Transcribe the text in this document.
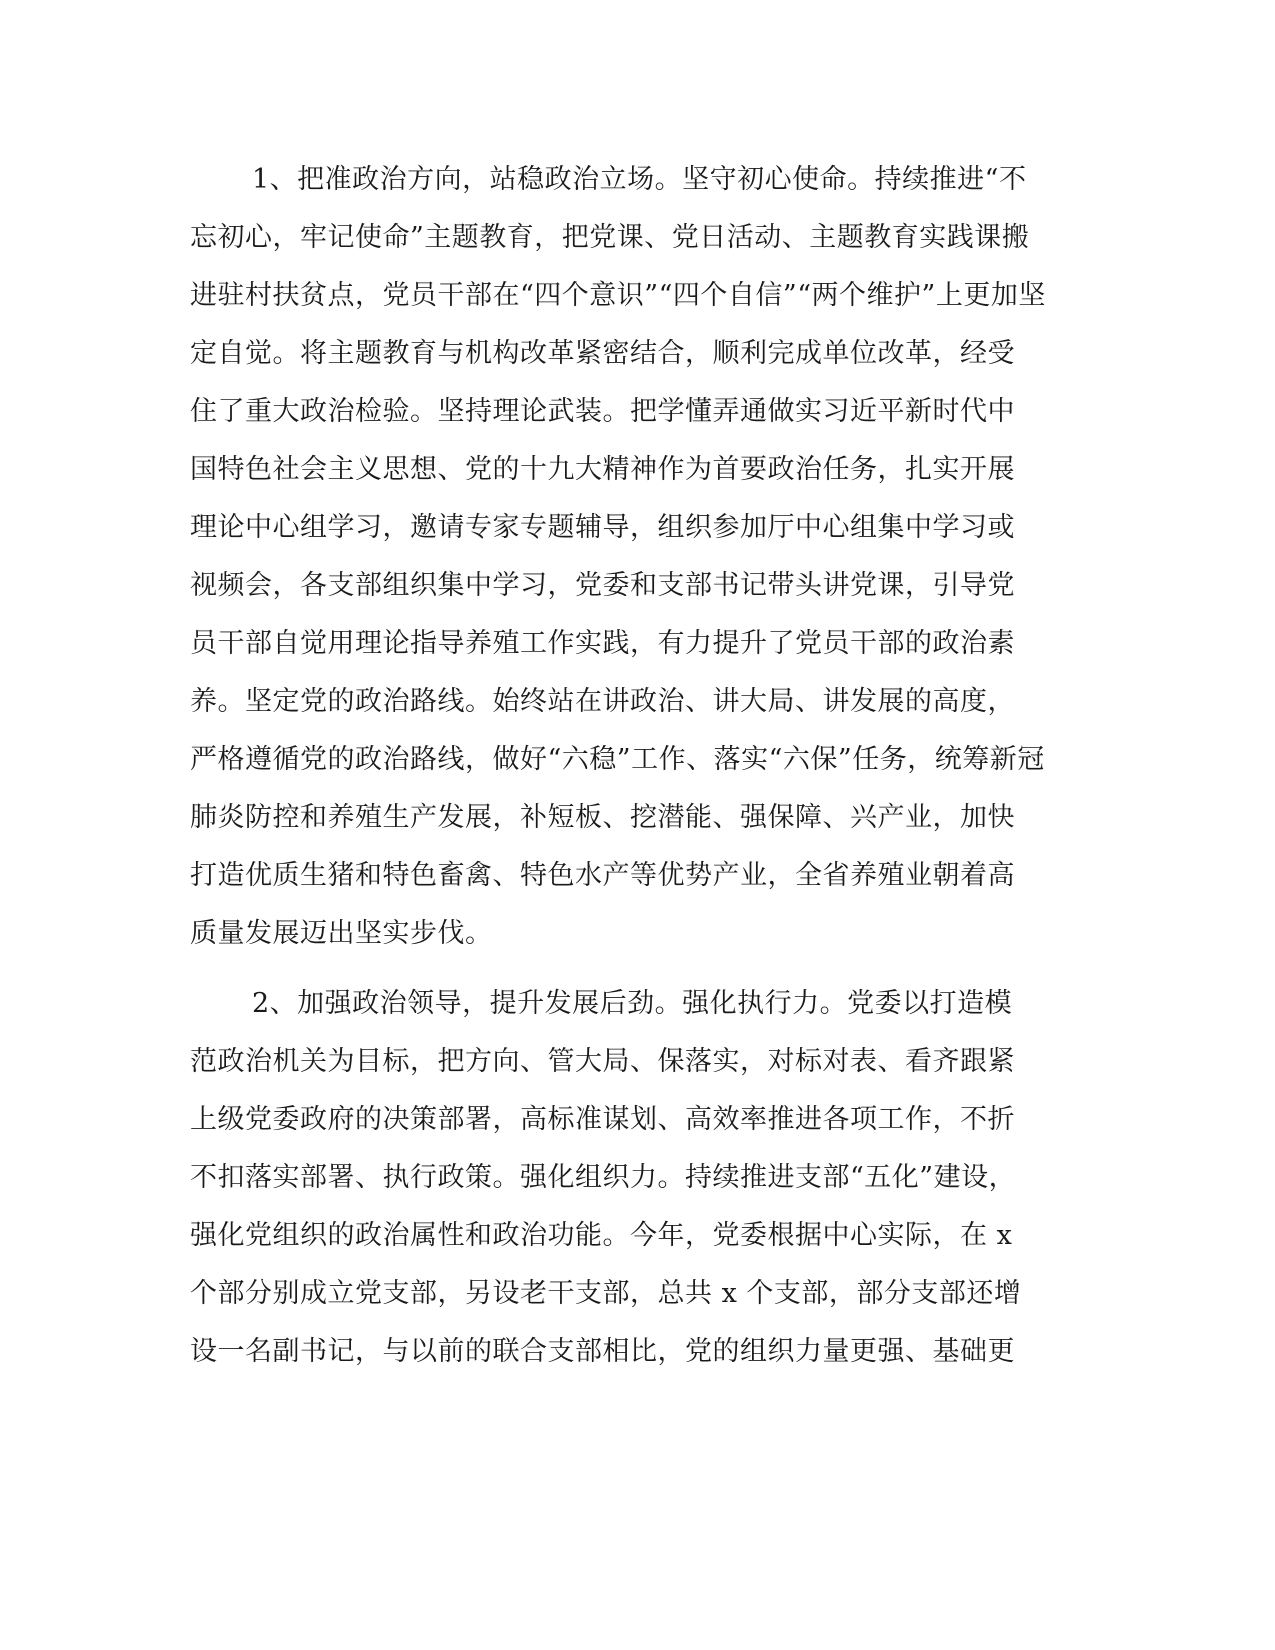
1、把准政治方向，站稳政治立场。坚守初心使命。持续推进“不
忘初心，牢记使命”主题教育，把党课、党日活动、主题教育实践课搬
进驻村扶贫点，党员干部在“四个意识”“四个自信”“两个维护”上更加坚
定自觉。将主题教育与机构改革紧密结合，顺利完成单位改革，经受
住了重大政治检验。坚持理论武装。把学懂弄通做实习近平新时代中
国特色社会主义思想、党的十九大精神作为首要政治任务，扎实开展
理论中心组学习，邀请专家专题辅导，组织参加厅中心组集中学习或
视频会，各支部组织集中学习，党委和支部书记带头讲党课，引导党
员干部自觉用理论指导养殖工作实践，有力提升了党员干部的政治素
养。坚定党的政治路线。始终站在讲政治、讲大局、讲发展的高度，
严格遵循党的政治路线，做好“六稳”工作、落实“六保”任务，统筹新冠
肺炎防控和养殖生产发展，补短板、挖潜能、强保障、兴产业，加快
打造优质生猪和特色畜禽、特色水产等优势产业，全省养殖业朝着高
质量发展迈出坚实步伐。
2、加强政治领导，提升发展后劲。强化执行力。党委以打造模
范政治机关为目标，把方向、管大局、保落实，对标对表、看齐跟紧
上级党委政府的决策部署，高标准谋划、高效率推进各项工作，不折
不扣落实部署、执行政策。强化组织力。持续推进支部“五化”建设，
强化党组织的政治属性和政治功能。今年，党委根据中心实际，在 x
个部分别成立党支部，另设老干支部，总共 x 个支部，部分支部还增
设一名副书记，与以前的联合支部相比，党的组织力量更强、基础更
